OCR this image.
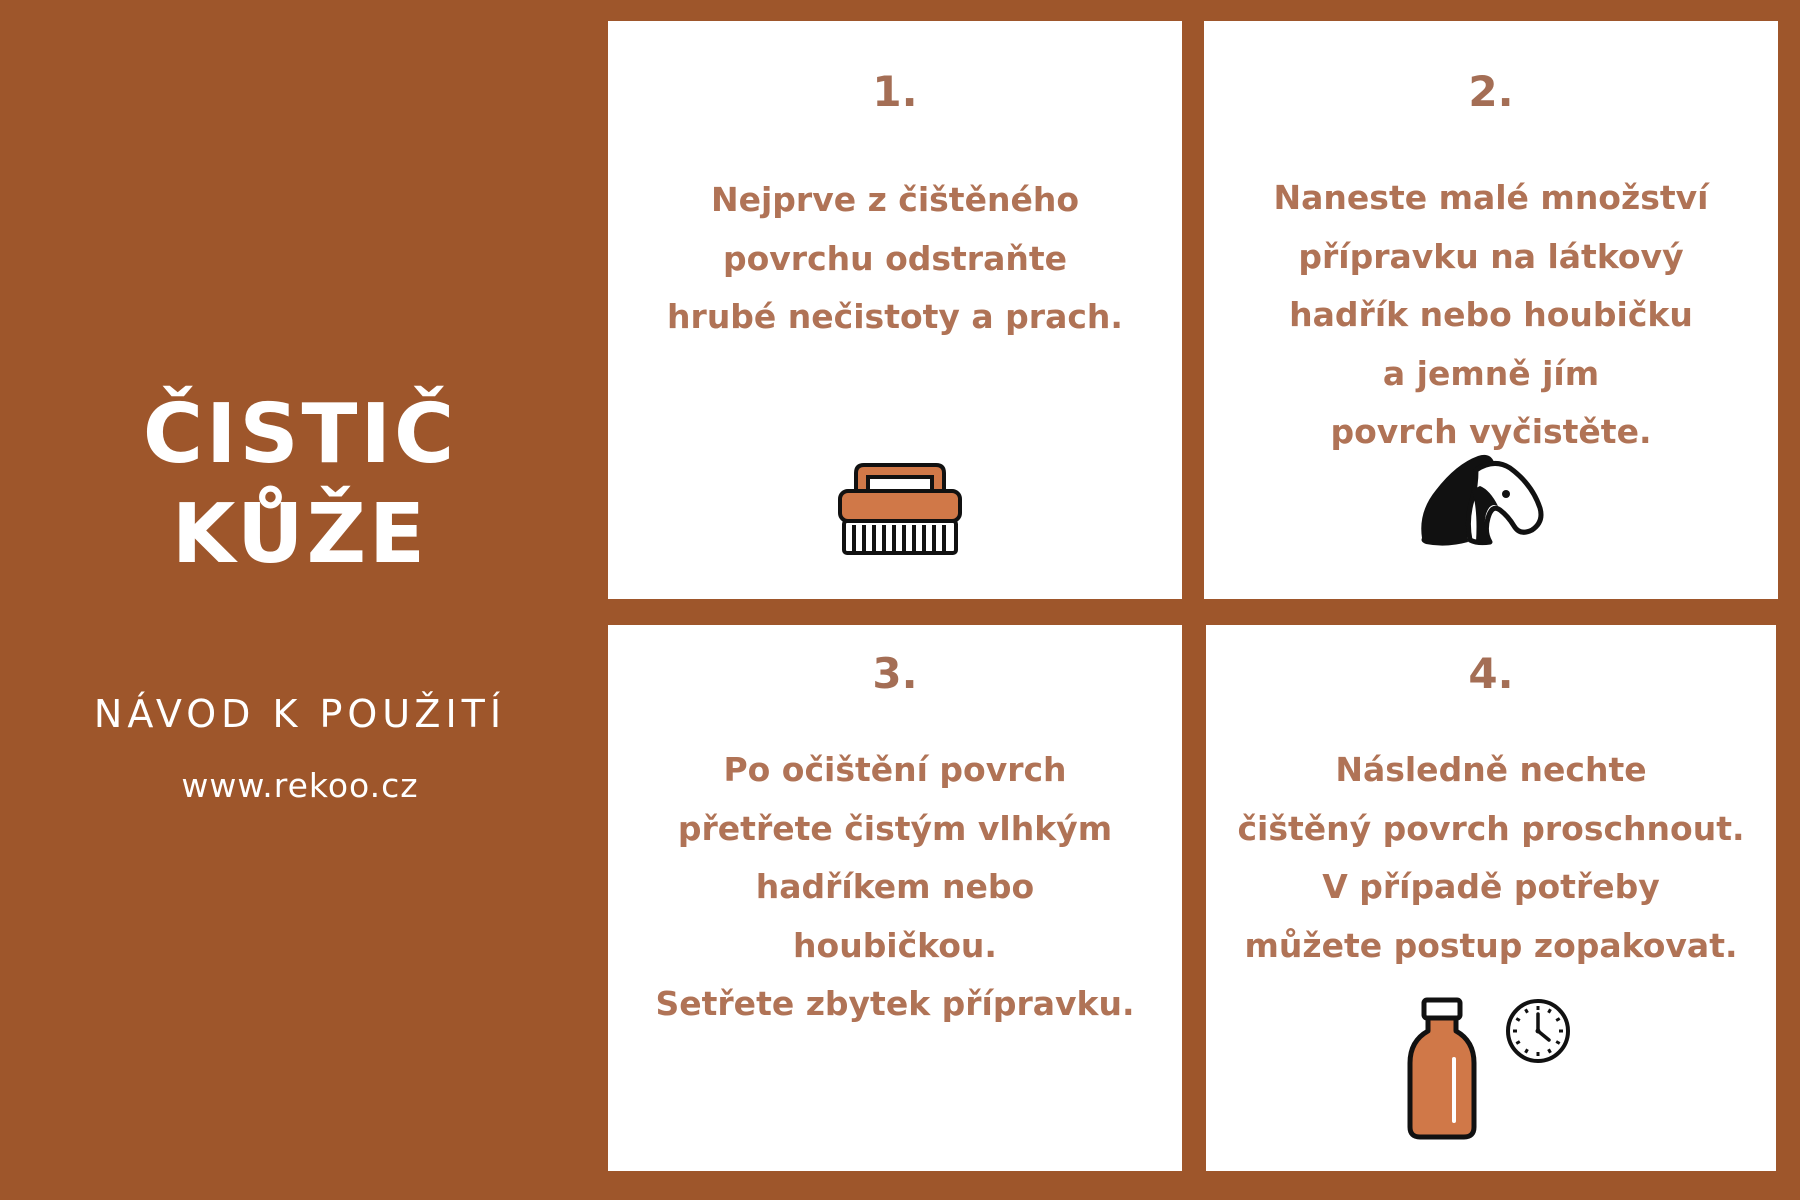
ČISTIČ
KŮŽE
NÁVOD K POUŽITÍ
www.rekoo.cz
1.
Nejprve z čištěného
povrchu odstraňte
hrubé nečistoty a prach.
2.
Naneste malé množství
přípravku na látkový
hadřík nebo houbičku
a jemně jím
povrch vyčistěte.
3.
Po očištění povrch
přetřete čistým vlhkým
hadříkem nebo
houbičkou.
Setřete zbytek přípravku.
4.
Následně nechte
čištěný povrch proschnout.
V případě potřeby
můžete postup zopakovat.
